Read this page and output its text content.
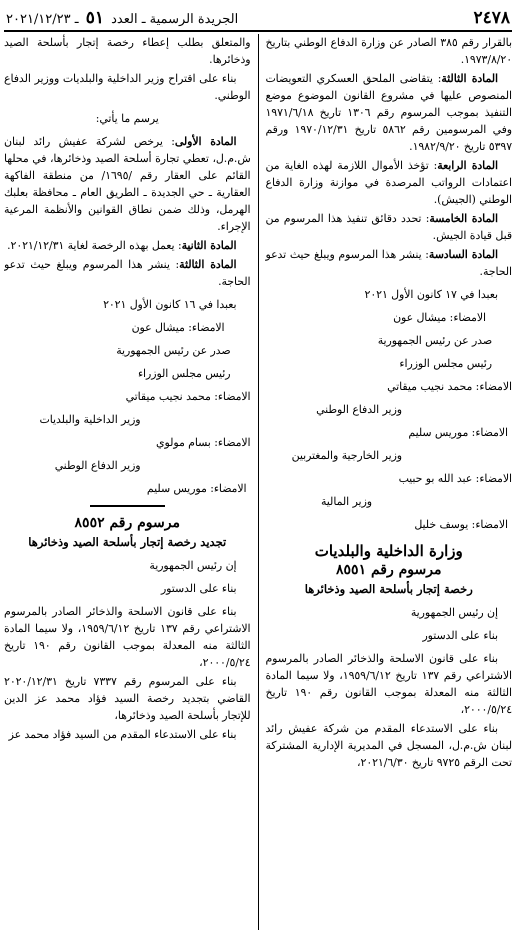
٢٤٧٨
الجريدة الرسمية ـ العدد ٥١ ـ ٢٠٢١/١٢/٢٣

بالقرار رقم ٣٨٥ الصادر عن وزارة الدفاع الوطني بتاريخ ١٩٧٣/٨/٢٠.

المادة الثالثة: يتقاضى الملحق العسكري التعويضات المنصوص عليها في مشروع القانون الموضوع موضع التنفيذ بموجب المرسوم رقم ١٣٠٦ تاريخ ١٩٧١/٦/١٨ وفي المرسومين رقم ٥٨٦٢ تاريخ ١٩٧٠/١٢/٣١ ورقم ٥٣٩٧ تاريخ ١٩٨٢/٩/٢٠.

المادة الرابعة: تؤخذ الأموال اللازمة لهذه الغاية من اعتمادات الرواتب المرصدة في موازنة وزارة الدفاع الوطني (الجيش).

المادة الخامسة: تحدد دقائق تنفيذ هذا المرسوم من قبل قيادة الجيش.

المادة السادسة: ينشر هذا المرسوم ويبلغ حيث تدعو الحاجة.

بعبدا في ١٧ كانون الأول ٢٠٢١

الامضاء: ميشال عون

صدر عن رئيس الجمهورية

رئيس مجلس الوزراء

الامضاء: محمد نجيب ميقاتي

وزير الدفاع الوطني

الامضاء: موريس سليم

وزير الخارجية والمغتربين

الامضاء: عبد الله بو حبيب

وزير المالية

الامضاء: يوسف خليل

وزارة الداخلية والبلديات
مرسوم رقم ٨٥٥١
رخصة إتجار بأسلحة الصيد وذخائرها

إن رئيس الجمهورية

بناء على الدستور

بناء على قانون الاسلحة والذخائر الصادر بالمرسوم الاشتراعي رقم ١٣٧ تاريخ ١٩٥٩/٦/١٢، ولا سيما المادة الثالثة منه المعدلة بموجب القانون رقم ١٩٠ تاريخ ٢٠٠٠/٥/٢٤،

بناء على الاستدعاء المقدم من شركة عفيش رائد لبنان ش.م.ل، المسجل في المديرية الإدارية المشتركة تحت الرقم ٩٧٢٥ تاريخ ٢٠٢١/٦/٣٠،

والمتعلق بطلب إعطاء رخصة إتجار بأسلحة الصيد وذخائرها.

بناء على اقتراح وزير الداخلية والبلديات ووزير الدفاع الوطني.

يرسم ما يأتي:

المادة الأولى: يرخص لشركة عفيش رائد لبنان ش.م.ل، تعطي تجارة أسلحة الصيد وذخائرها، في محلها القائم على العقار رقم /١٦٩٥/ من منطقة الفاكهة العقارية ـ حي الجديدة ـ الطريق العام ـ محافظة بعلبك الهرمل، وذلك ضمن نطاق القوانين والأنظمة المرعية الإجراء.

المادة الثانية: يعمل بهذه الرخصة لغاية ٢٠٢١/١٢/٣١.

المادة الثالثة: ينشر هذا المرسوم ويبلغ حيث تدعو الحاجة.

بعبدا في ١٦ كانون الأول ٢٠٢١

الامضاء: ميشال عون

صدر عن رئيس الجمهورية

رئيس مجلس الوزراء

الامضاء: محمد نجيب ميقاتي

وزير الداخلية والبلديات

الامضاء: بسام مولوي

وزير الدفاع الوطني

الامضاء: موريس سليم

مرسوم رقم ٨٥٥٢
تجديد رخصة إتجار بأسلحة الصيد وذخائرها

إن رئيس الجمهورية

بناء على الدستور

بناء على قانون الاسلحة والذخائر الصادر بالمرسوم الاشتراعي رقم ١٣٧ تاريخ ١٩٥٩/٦/١٢، ولا سيما المادة الثالثة منه المعدلة بموجب القانون رقم ١٩٠ تاريخ ٢٠٠٠/٥/٢٤،

بناء على المرسوم رقم ٧٣٣٧ تاريخ ٢٠٢٠/١٢/٣١ القاضي بتجديد رخصة السيد فؤاد محمد عز الدين للإتجار بأسلحة الصيد وذخائرها،

بناء على الاستدعاء المقدم من السيد فؤاد محمد عز
